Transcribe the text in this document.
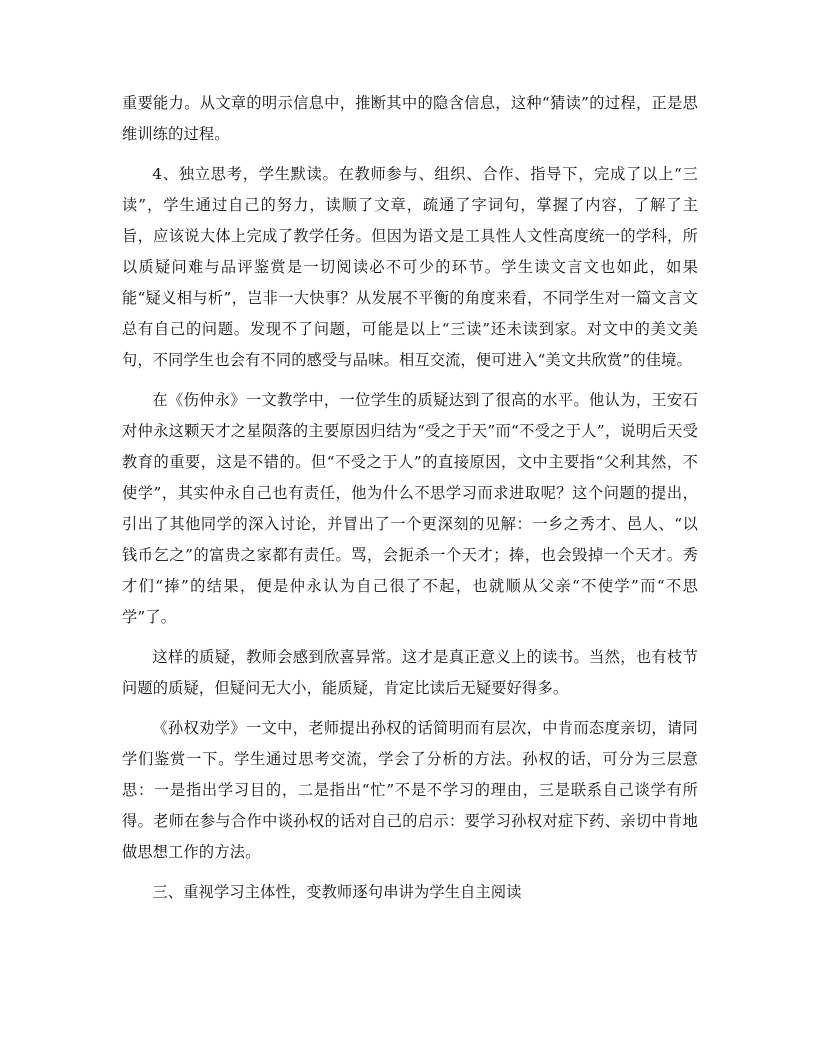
重要能力。从文章的明示信息中，推断其中的隐含信息，这种“猜读”的过程，正是思维训练的过程。

4、独立思考，学生默读。在教师参与、组织、合作、指导下，完成了以上“三读”，学生通过自己的努力，读顺了文章，疏通了字词句，掌握了内容，了解了主旨，应该说大体上完成了教学任务。但因为语文是工具性人文性高度统一的学科，所以质疑问难与品评鉴赏是一切阅读必不可少的环节。学生读文言文也如此，如果能“疑义相与析”，岂非一大快事？从发展不平衡的角度来看，不同学生对一篇文言文总有自己的问题。发现不了问题，可能是以上“三读”还未读到家。对文中的美文美句，不同学生也会有不同的感受与品味。相互交流，便可进入“美文共欣赏”的佳境。

在《伤仲永》一文教学中，一位学生的质疑达到了很高的水平。他认为，王安石对仲永这颗天才之星陨落的主要原因归结为“受之于天”而“不受之于人”，说明后天受教育的重要，这是不错的。但“不受之于人”的直接原因，文中主要指“父利其然，不使学”，其实仲永自己也有责任，他为什么不思学习而求进取呢？这个问题的提出，引出了其他同学的深入讨论，并冒出了一个更深刻的见解：一乡之秀才、邑人、“以钱币乞之”的富贵之家都有责任。骂，会扼杀一个天才；捧，也会毁掉一个天才。秀才们“捧”的结果，便是仲永认为自己很了不起，也就顺从父亲“不使学”而“不思学”了。

这样的质疑，教师会感到欣喜异常。这才是真正意义上的读书。当然，也有枝节问题的质疑，但疑问无大小，能质疑，肯定比读后无疑要好得多。

《孙权劝学》一文中，老师提出孙权的话简明而有层次，中肯而态度亲切，请同学们鉴赏一下。学生通过思考交流，学会了分析的方法。孙权的话，可分为三层意思：一是指出学习目的，二是指出“忙”不是不学习的理由，三是联系自己谈学有所得。老师在参与合作中谈孙权的话对自己的启示：要学习孙权对症下药、亲切中肯地做思想工作的方法。

三、重视学习主体性，变教师逐句串讲为学生自主阅读
